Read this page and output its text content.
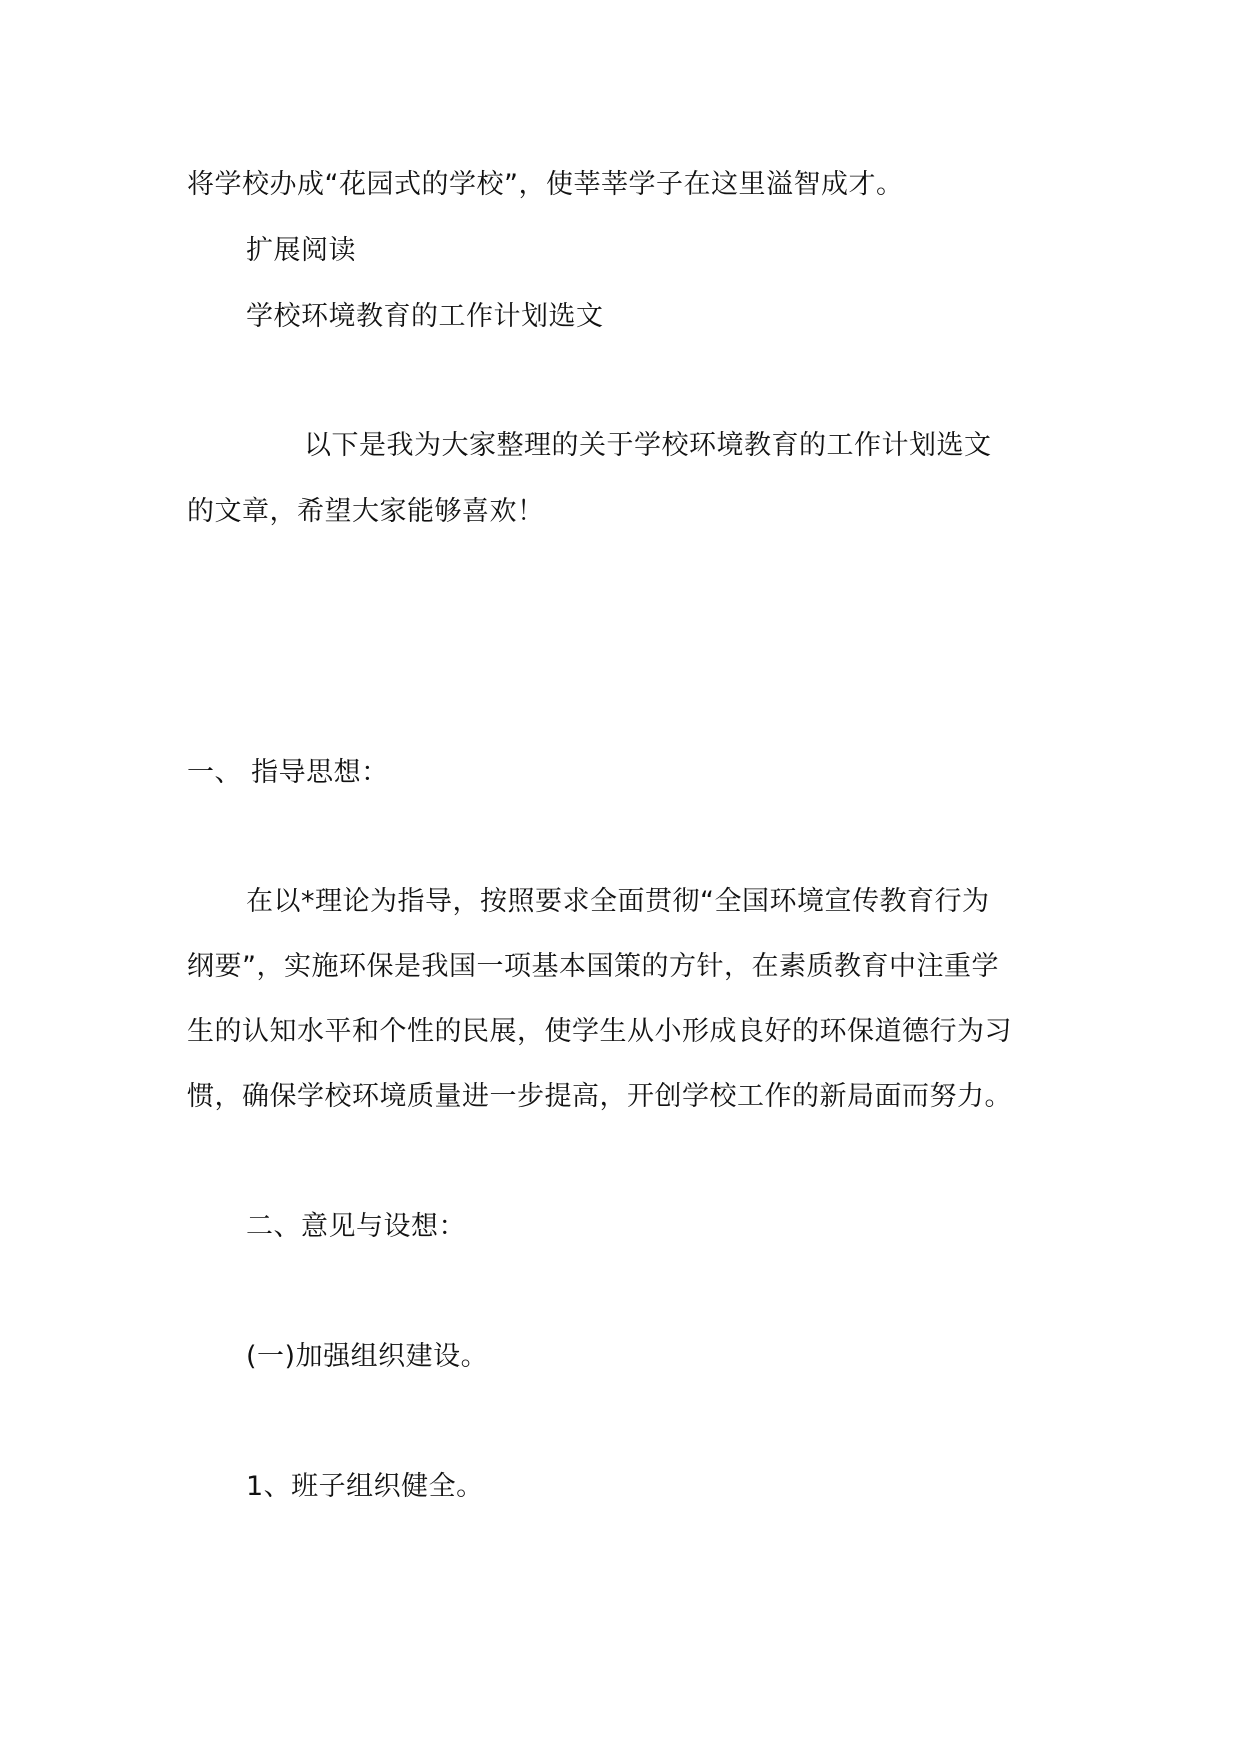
将学校办成“花园式的学校”，使莘莘学子在这里溢智成才。
扩展阅读
学校环境教育的工作计划选文
以下是我为大家整理的关于学校环境教育的工作计划选文
的文章，希望大家能够喜欢！
一、 指导思想：
在以*理论为指导，按照要求全面贯彻“全国环境宣传教育行为
纲要”，实施环保是我国一项基本国策的方针，在素质教育中注重学
生的认知水平和个性的民展，使学生从小形成良好的环保道德行为习
惯，确保学校环境质量进一步提高，开创学校工作的新局面而努力。
二、意见与设想：
(一)加强组织建设。
1、班子组织健全。
